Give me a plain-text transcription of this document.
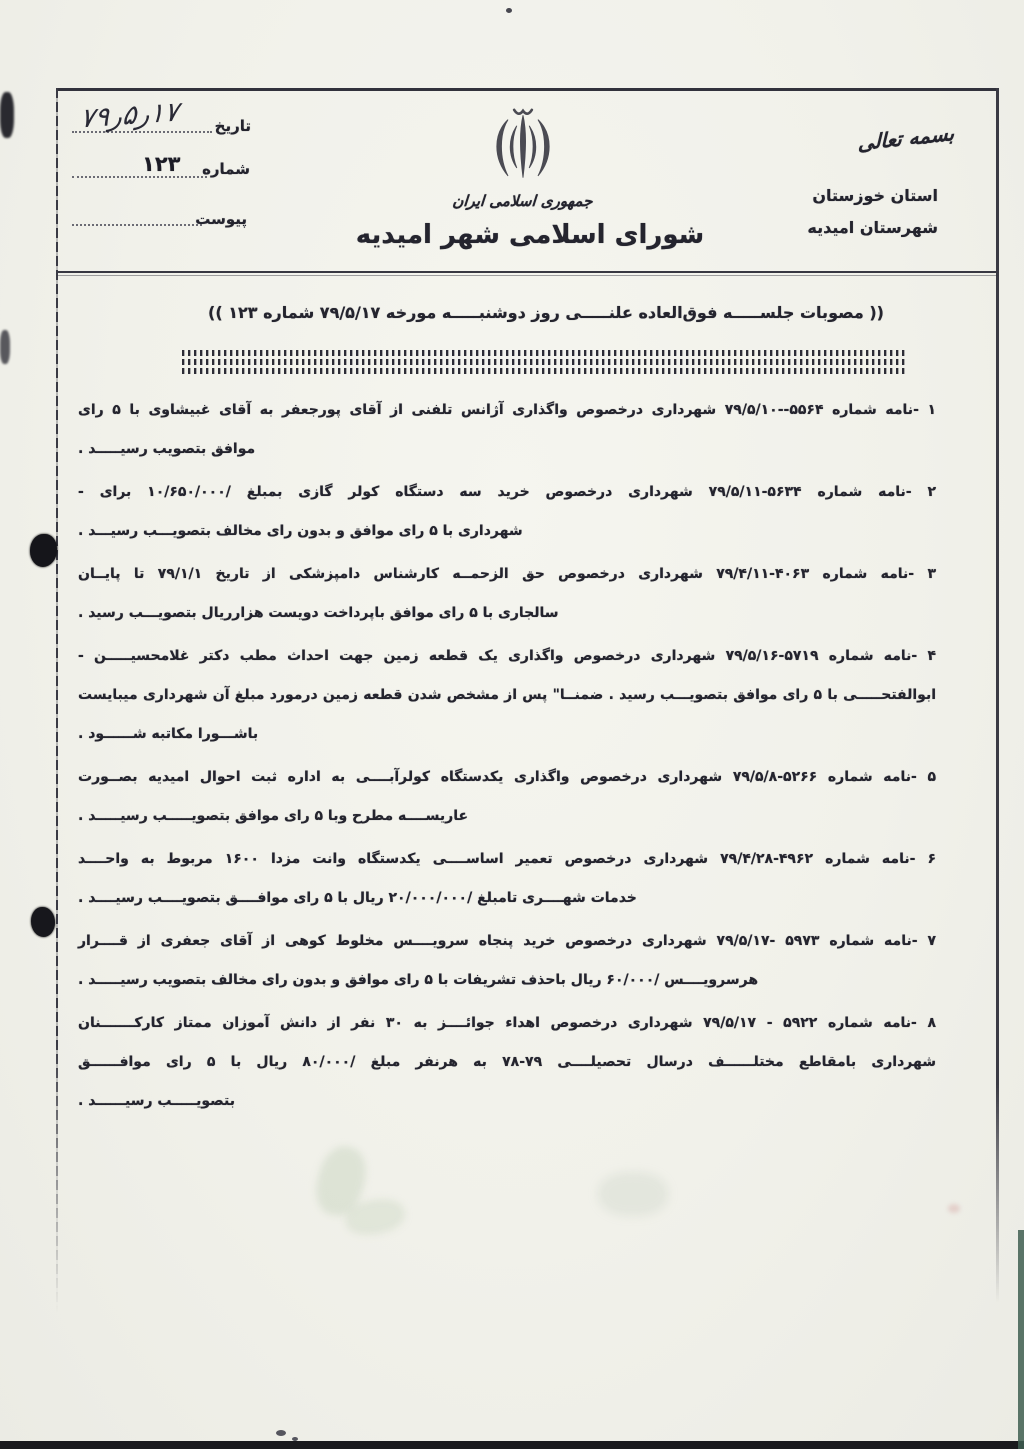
تاریخ
۱۷ر۵ر۷۹
شماره
۱۲۳
پیوست
جمهوری اسلامی ایران
شورای اسلامی شهر امیدیه
بسمه تعالی
استان خوزستان
شهرستان امیدیه
(( مصوبات جلســـــه فوق‌العاده علنـــــی روز دوشنبـــــه مورخه ۷۹/۵/۱۷ شماره ۱۲۳ ))
۱ -نامه شماره ۵۵۶۴--۷۹/۵/۱۰ شهرداری درخصوص واگذاری آژانس تلفنی از آقای پورجعفر به آقای غبیشاوی با ۵ رای
موافق بتصویب رسیـــــد .
۲ -نامه شماره ۵۶۳۴-۷۹/۵/۱۱ شهرداری درخصوص خرید سه دستگاه کولر گازی بمبلغ /۱۰/۶۵۰/۰۰۰ برای -
شهرداری با ۵ رای موافق و بدون رای مخالف بتصویـــب رسیـــد .
۳ -نامه شماره ۴۰۶۳-۷۹/۴/۱۱ شهرداری درخصوص حق الزحمــه کارشناس دامپزشکی از تاریخ ۷۹/۱/۱ تا پایــان
سالجاری با ۵ رای موافق باپرداخت دویست هزارریال بتصویـــب رسید .
۴ -نامه شماره ۵۷۱۹-۷۹/۵/۱۶ شهرداری درخصوص واگذاری یک قطعه زمین جهت احداث مطب دکتر غلامحسیـــــن -
ابوالفتحـــــی با ۵ رای موافق بتصویـــب رسید . ضمنــا" پس از مشخص شدن قطعه زمین درمورد مبلغ آن شهرداری میبایست
باشـــورا مکاتبه شــــــود .
۵ -نامه شماره ۵۲۶۶-۷۹/۵/۸ شهرداری درخصوص واگذاری یکدستگاه کولرآبــــی به اداره ثبت احوال امیدیه بصــورت
عاریســــه مطرح وبا ۵ رای موافق بتصویـــــب رسیـــــد .
۶ -نامه شماره ۴۹۶۲-۷۹/۴/۲۸ شهرداری درخصوص تعمیر اساســــی یکدستگاه وانت مزدا ۱۶۰۰ مربوط به واحــــد
خدمات شهــــری تامبلغ /۲۰/۰۰۰/۰۰۰ ریال با ۵ رای موافــــق بتصویــــب رسیــــد .
۷ -نامه شماره ۵۹۷۳ -۷۹/۵/۱۷ شهرداری درخصوص خرید پنجاه سرویــــس مخلوط کوهی از آقای جعفری از قــــرار
هرسرویــــس /۶۰/۰۰۰ ریال باحذف تشریفات با ۵ رای موافق و بدون رای مخالف بتصویب رسیـــــد .
۸ -نامه شماره ۵۹۲۲ - ۷۹/۵/۱۷ شهرداری درخصوص اهداء جوائــــز به ۳۰ نفر از دانش آموزان ممتاز کارکـــــــنان
شهرداری بامقاطع مختلــــــف درسال تحصیلــــی ۷۹-۷۸ به هرنفر مبلغ /۸۰/۰۰۰ ریال با ۵ رای موافــــــق
بتصویـــــب رسیــــــد .
